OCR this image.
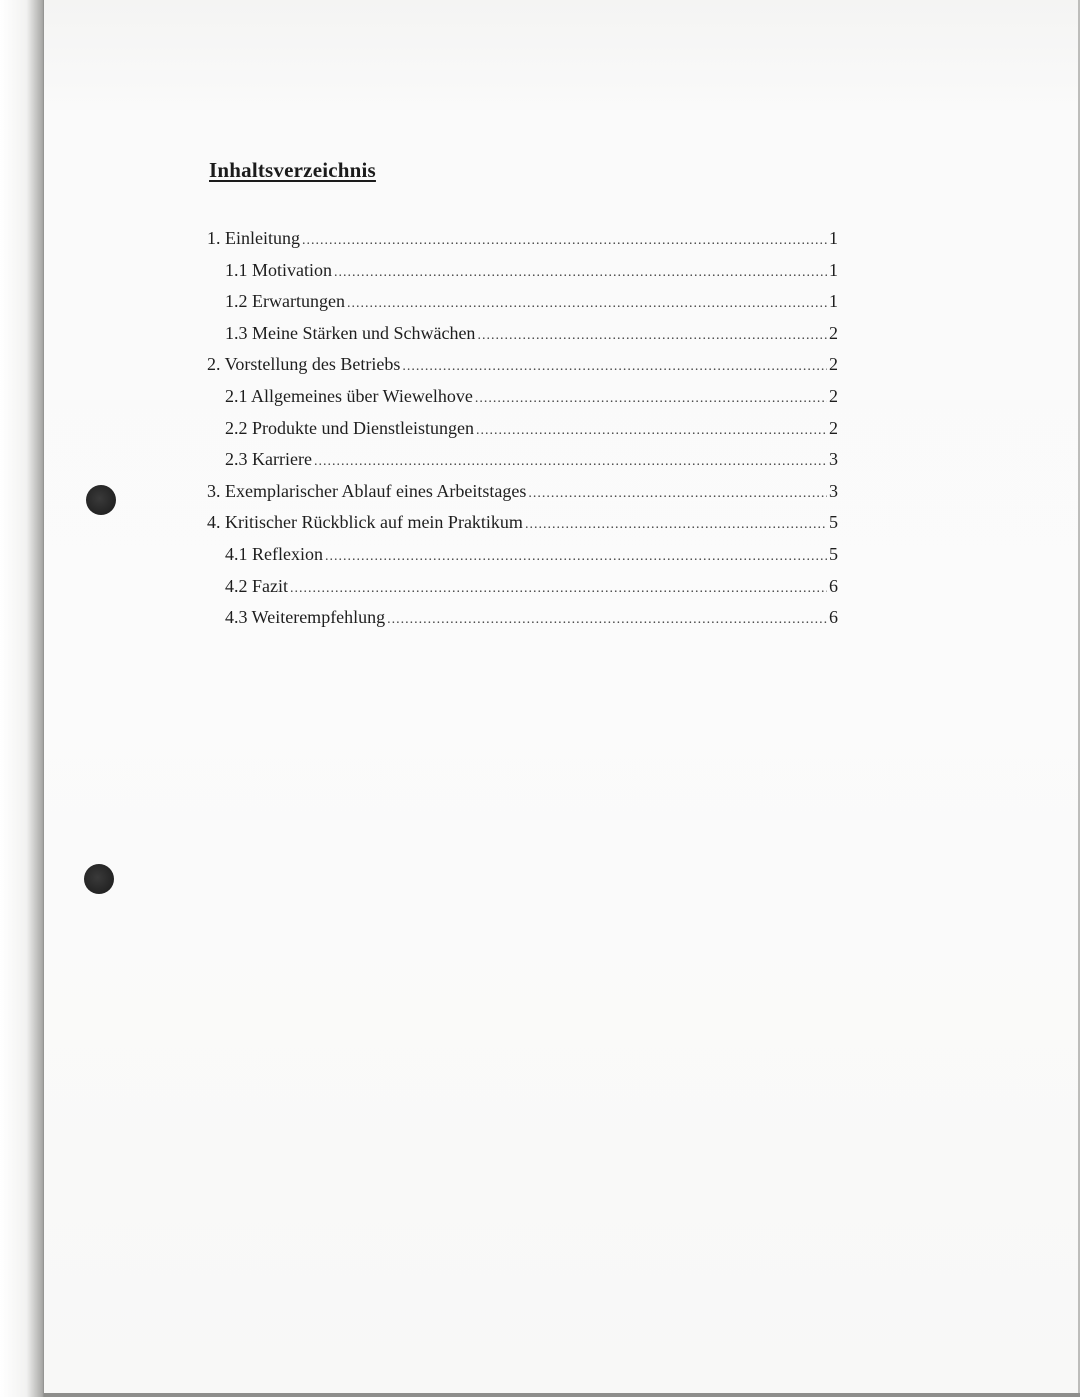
Inhaltsverzeichnis
1. Einleitung .....	1
1.1 Motivation .....	1
1.2 Erwartungen .....	1
1.3 Meine Stärken und Schwächen .....	2
2. Vorstellung des Betriebs .....	2
2.1 Allgemeines über Wiewelhove .....	2
2.2 Produkte und Dienstleistungen .....	2
2.3 Karriere .....	3
3. Exemplarischer Ablauf eines Arbeitstages .....	3
4. Kritischer Rückblick auf mein Praktikum .....	5
4.1 Reflexion .....	5
4.2 Fazit .....	6
4.3 Weiterempfehlung .....	6
